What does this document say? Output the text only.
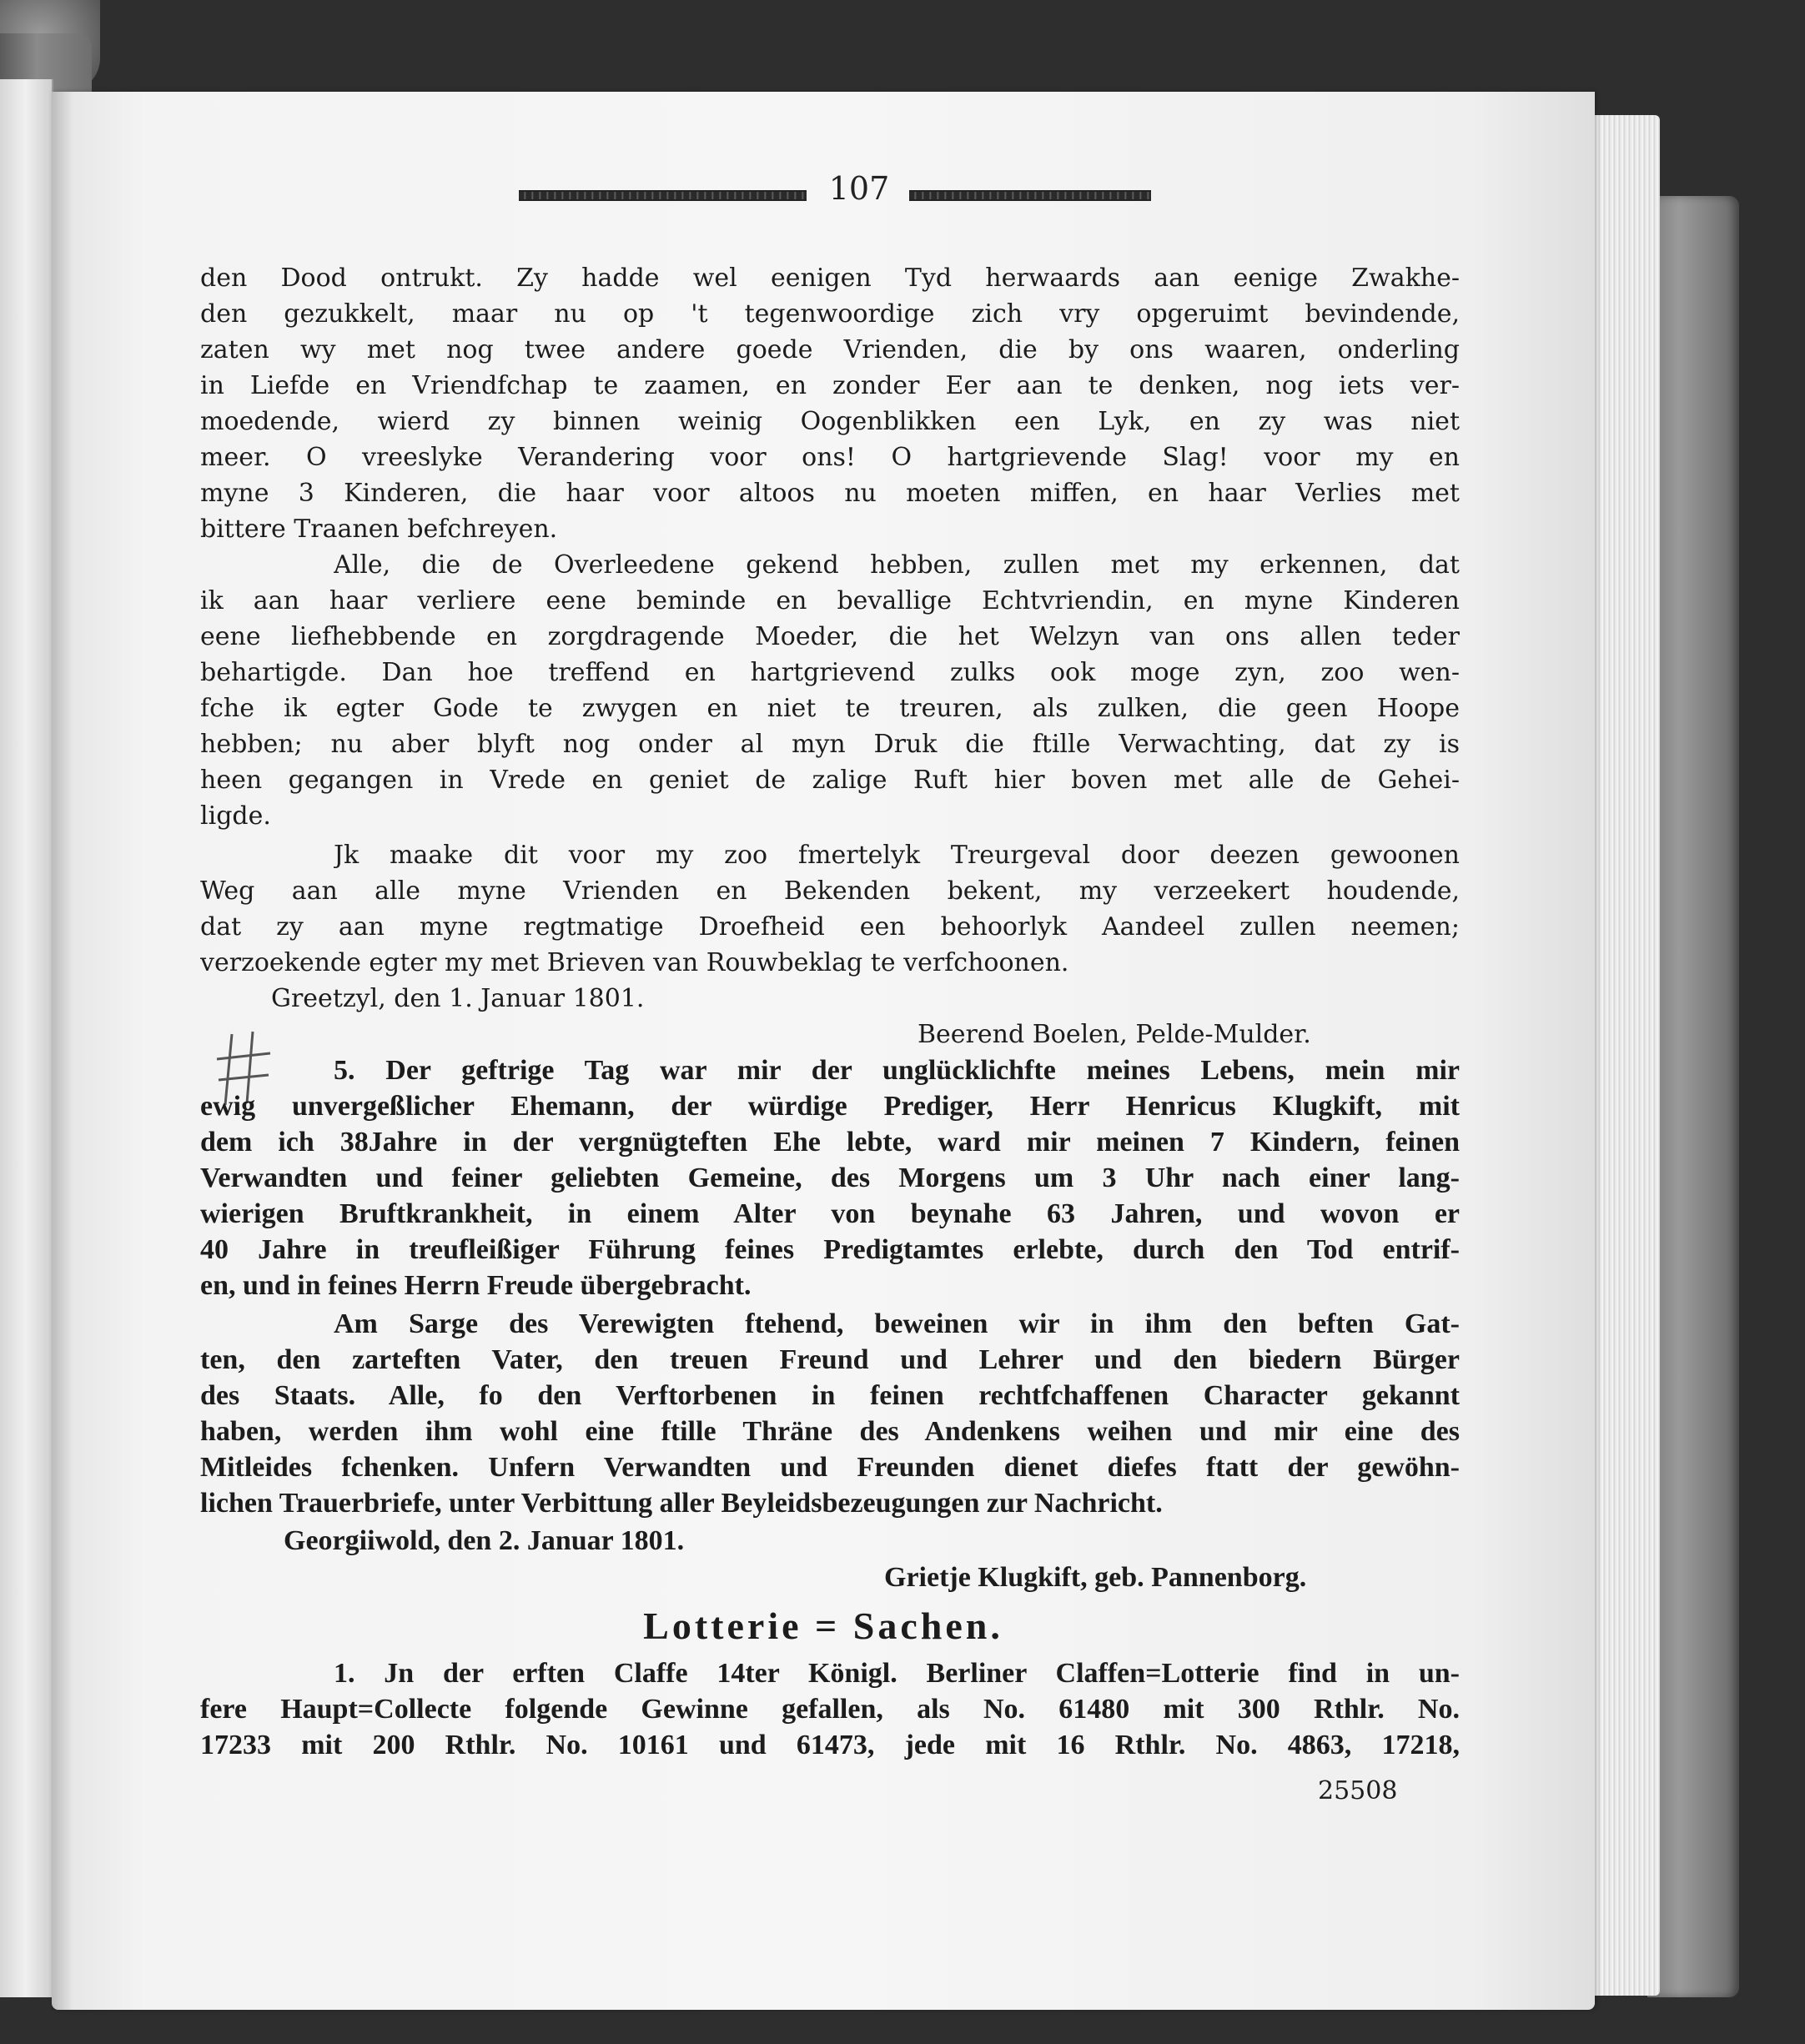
107
den Dood ontrukt. Zy hadde wel eenigen Tyd herwaards aan eenige Zwakhe-
den gezukkelt, maar nu op 't tegenwoordige zich vry opgeruimt bevindende,
zaten wy met nog twee andere goede Vrienden, die by ons waaren, onderling
in Liefde en Vriendfchap te zaamen, en zonder Eer aan te denken, nog iets ver-
moedende, wierd zy binnen weinig Oogenblikken een Lyk, en zy was niet
meer. O vreeslyke Verandering voor ons! O hartgrievende Slag! voor my en
myne 3 Kinderen, die haar voor altoos nu moeten miffen, en haar Verlies met
bittere Traanen befchreyen.
Alle, die de Overleedene gekend hebben, zullen met my erkennen, dat
ik aan haar verliere eene beminde en bevallige Echtvriendin, en myne Kinderen
eene liefhebbende en zorgdragende Moeder, die het Welzyn van ons allen teder
behartigde. Dan hoe treffend en hartgrievend zulks ook moge zyn, zoo wen-
fche ik egter Gode te zwygen en niet te treuren, als zulken, die geen Hoope
hebben; nu aber blyft nog onder al myn Druk die ftille Verwachting, dat zy is
heen gegangen in Vrede en geniet de zalige Ruft hier boven met alle de Gehei-
ligde.
Jk maake dit voor my zoo fmertelyk Treurgeval door deezen gewoonen
Weg aan alle myne Vrienden en Bekenden bekent, my verzeekert houdende,
dat zy aan myne regtmatige Droefheid een behoorlyk Aandeel zullen neemen;
verzoekende egter my met Brieven van Rouwbeklag te verfchoonen.
Greetzyl, den 1. Januar 1801.
Beerend Boelen, Pelde-Mulder.
5. Der geftrige Tag war mir der unglücklichfte meines Lebens, mein mir
ewig unvergeßlicher Ehemann, der würdige Prediger, Herr Henricus Klugkift, mit
dem ich 38Jahre in der vergnügteften Ehe lebte, ward mir meinen 7 Kindern, feinen
Verwandten und feiner geliebten Gemeine, des Morgens um 3 Uhr nach einer lang-
wierigen Bruftkrankheit, in einem Alter von beynahe 63 Jahren, und wovon er
40 Jahre in treufleißiger Führung feines Predigtamtes erlebte, durch den Tod entrif-
en, und in feines Herrn Freude übergebracht.
Am Sarge des Verewigten ftehend, beweinen wir in ihm den beften Gat-
ten, den zarteften Vater, den treuen Freund und Lehrer und den biedern Bürger
des Staats. Alle, fo den Verftorbenen in feinen rechtfchaffenen Character gekannt
haben, werden ihm wohl eine ftille Thräne des Andenkens weihen und mir eine des
Mitleides fchenken. Unfern Verwandten und Freunden dienet diefes ftatt der gewöhn-
lichen Trauerbriefe, unter Verbittung aller Beyleidsbezeugungen zur Nachricht.
Georgiiwold, den 2. Januar 1801.
Grietje Klugkift, geb. Pannenborg.
Lotterie = Sachen.
1. Jn der erften Claffe 14ter Königl. Berliner Claffen=Lotterie find in un-
fere Haupt=Collecte folgende Gewinne gefallen, als No. 61480 mit 300 Rthlr. No.
17233 mit 200 Rthlr. No. 10161 und 61473, jede mit 16 Rthlr. No. 4863, 17218,
25508
